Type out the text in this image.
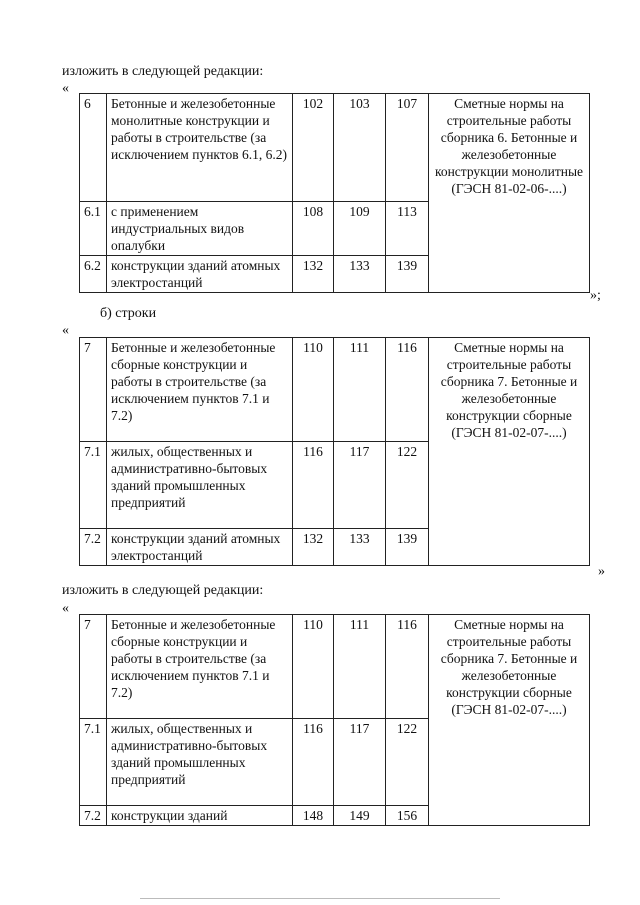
изложить в следующей редакции:
«
6	Бетонные и железобетонные монолитные конструкции и работы в строительстве (за исключением пунктов 6.1, 6.2)	102	103	107	Сметные нормы на строительные работы сборника 6. Бетонные и железобетонные конструкции монолитные (ГЭСН 81-02-06-....)
6.1	с применением индустриальных видов опалубки	108	109	113	
6.2	конструкции зданий атомных электростанций	132	133	139	
»;
б) строки
«
7	Бетонные и железобетонные сборные конструкции и работы в строительстве (за исключением пунктов 7.1 и 7.2)	110	111	116	Сметные нормы на строительные работы сборника 7. Бетонные и железобетонные конструкции сборные (ГЭСН 81-02-07-....)
7.1	жилых, общественных и административно-бытовых зданий промышленных предприятий	116	117	122	
7.2	конструкции зданий атомных электростанций	132	133	139	
»
изложить в следующей редакции:
«
7	Бетонные и железобетонные сборные конструкции и работы в строительстве (за исключением пунктов 7.1 и 7.2)	110	111	116	Сметные нормы на строительные работы сборника 7. Бетонные и железобетонные конструкции сборные (ГЭСН 81-02-07-....)
7.1	жилых, общественных и административно-бытовых зданий промышленных предприятий	116	117	122	
7.2	конструкции зданий	148	149	156	
